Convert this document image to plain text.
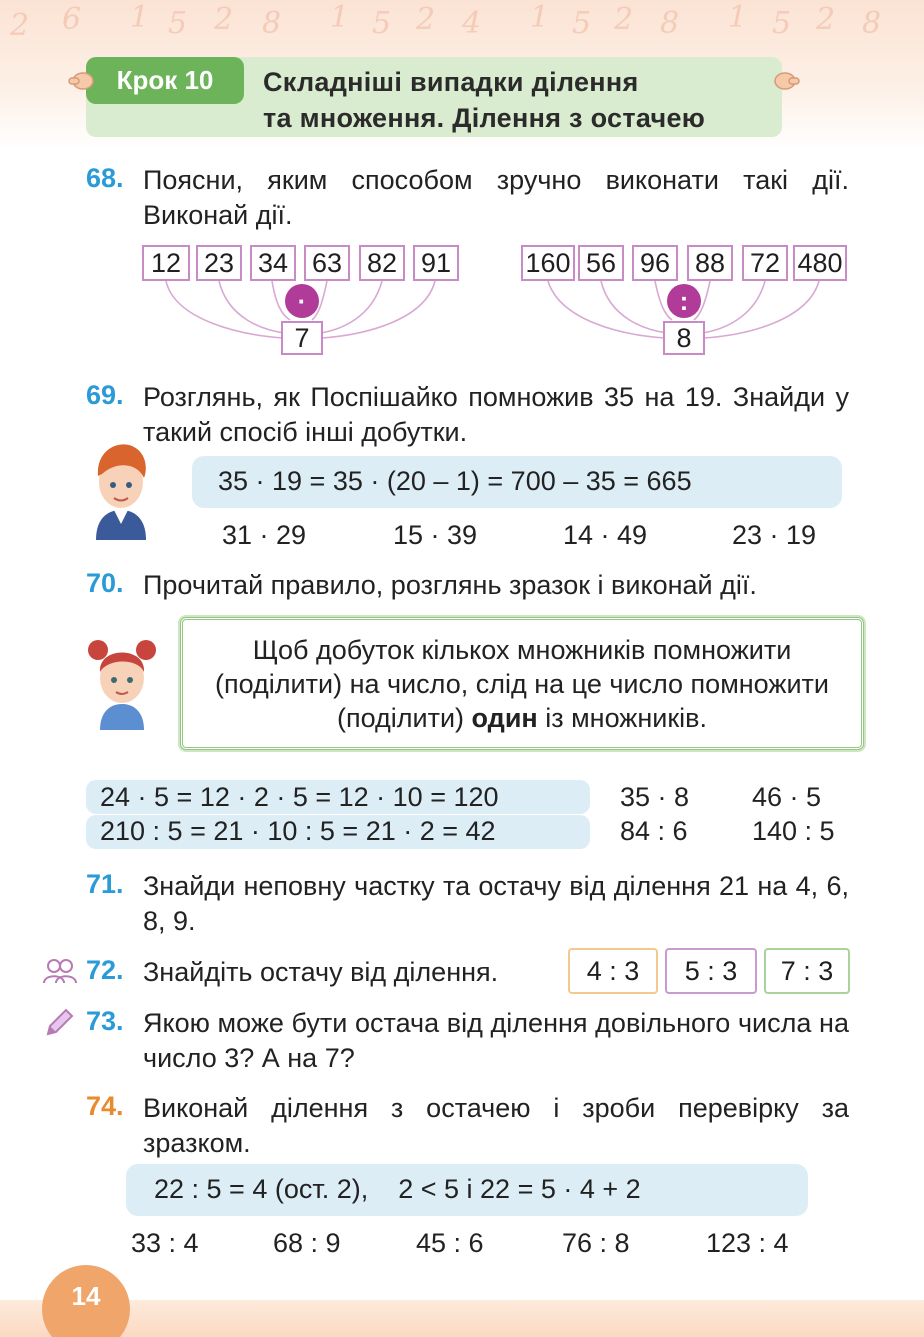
2 6 1 5 2 8 1 5 2 4 1 5 2 8 1 5 2 8
Крок 10	Складніші випадки ділення
та множення. Ділення з остачею
68. Поясни, яким способом зручно виконати такі дії. Виконай дії.
12 23 34 63 82 91
·
7
160 56 96 88 72 480
:
8
69. Розглянь, як Поспішайко помножив 35 на 19. Знайди у такий спосіб інші добутки.
35 · 19 = 35 · (20 – 1) = 700 – 35 = 665
31 · 29	15 · 39	14 · 49	23 · 19
70. Прочитай правило, розглянь зразок і виконай дії.
Щоб добуток кількох множників помножити (поділити) на число, слід на це число помножити (поділити) один із множників.
24 · 5 = 12 · 2 · 5 = 12 · 10 = 120
210 : 5 = 21 · 10 : 5 = 21 · 2 = 42
35 · 8 46 · 5
84 : 6 140 : 5
71. Знайди неповну частку та остачу від ділення 21 на 4, 6, 8, 9.
72. Знайдіть остачу від ділення.	4 : 3	5 : 3	7 : 3
73. Якою може бути остача від ділення довільного числа на число 3? А на 7?
74. Виконай ділення з остачею і зроби перевірку за зразком.
22 : 5 = 4 (ост. 2),    2 < 5 і 22 = 5 · 4 + 2
33 : 4	68 : 9	45 : 6	76 : 8	123 : 4
14
